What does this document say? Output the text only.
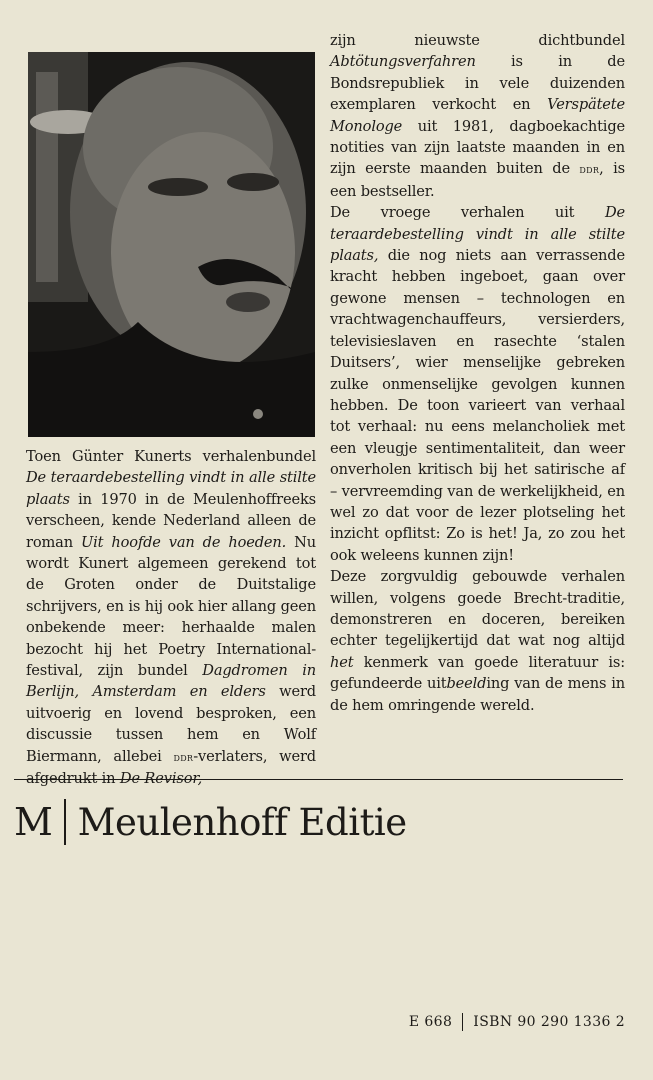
Toen Günter Kunerts verhalenbundel De teraardebestelling vindt in alle stilte plaats in 1970 in de Meulenhoffreeks verscheen, kende Nederland alleen de roman Uit hoofde van de hoeden. Nu wordt Kunert algemeen gerekend tot de Groten onder de Duitstalige schrijvers, en is hij ook hier allang geen onbekende meer: herhaalde malen bezocht hij het Poetry International-festival, zijn bundel Dagdromen in Berlijn, Amsterdam en elders werd uitvoerig en lovend besproken, een discussie tussen hem en Wolf Biermann, allebei ddr-verlaters, werd afgedrukt in De Revisor,

zijn nieuwste dichtbundel Abtötungsverfahren is in de Bondsrepubliek in vele duizenden exemplaren verkocht en Verspätete Monologe uit 1981, dagboekachtige notities van zijn laatste maanden in en zijn eerste maanden buiten de ddr, is een bestseller.

De vroege verhalen uit De teraardebestelling vindt in alle stilte plaats, die nog niets aan verrassende kracht hebben ingeboet, gaan over gewone mensen – technologen en vrachtwagenchauffeurs, versierders, televisieslaven en rasechte ‘stalen Duitsers’, wier menselijke gebreken zulke onmenselijke gevolgen kunnen hebben. De toon varieert van verhaal tot verhaal: nu eens melancholiek met een vleugje sentimentaliteit, dan weer onverholen kritisch bij het satirische af – vervreemding van de werkelijkheid, en wel zo dat voor de lezer plotseling het inzicht opflitst: Zo is het! Ja, zo zou het ook weleens kunnen zijn!

Deze zorgvuldig gebouwde verhalen willen, volgens goede Brecht-traditie, demonstreren en doceren, bereiken echter tegelijkertijd dat wat nog altijd het kenmerk van goede literatuur is: gefundeerde uitbeelding van de mens in de hem omringende wereld.

M Meulenhoff Editie
E 668 ISBN 90 290 1336 2
